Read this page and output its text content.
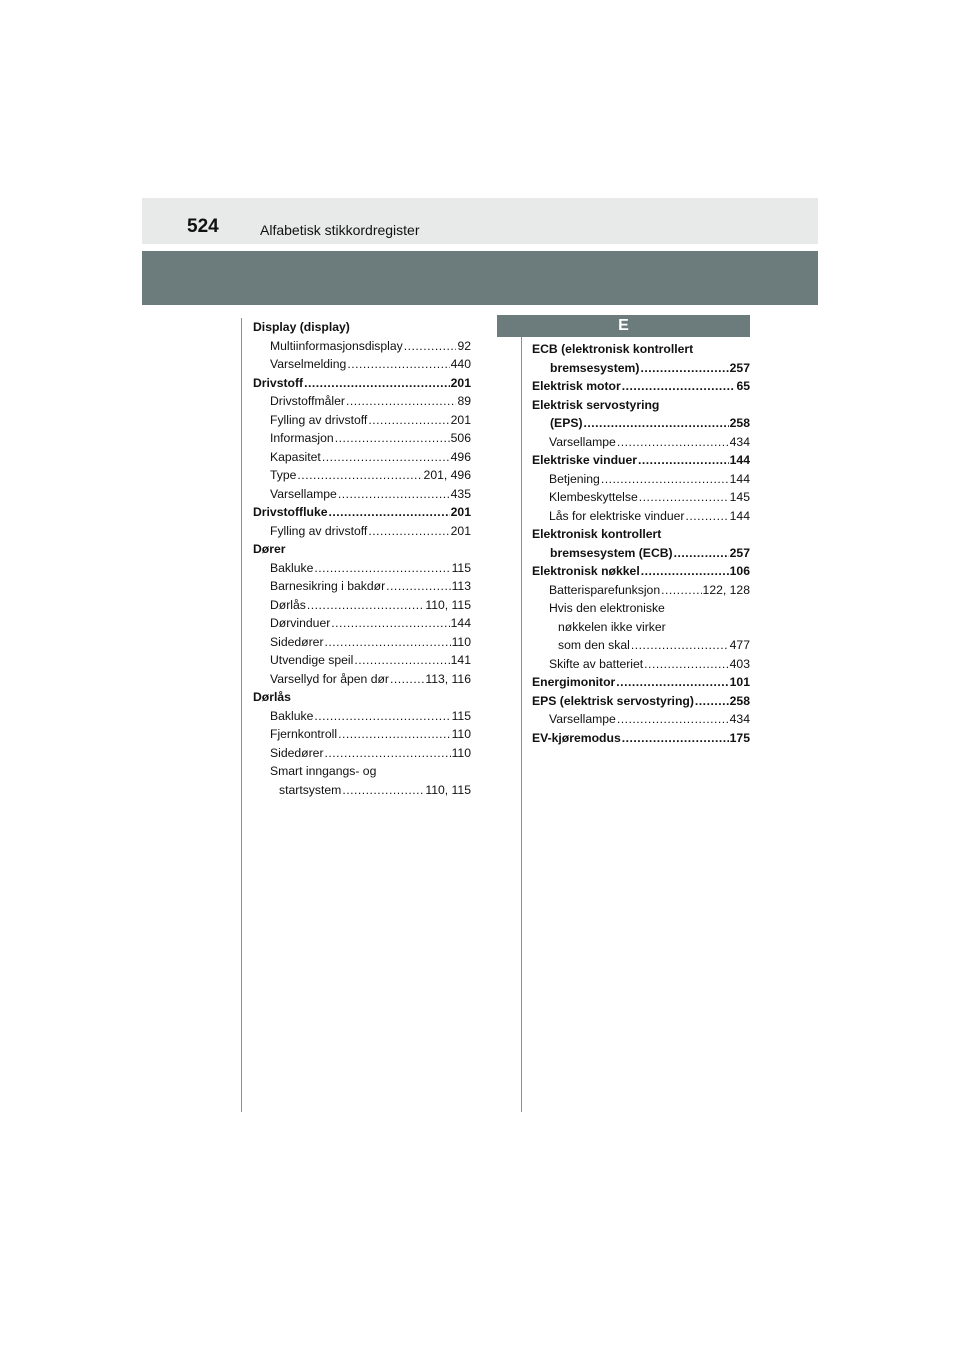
524	Alfabetisk stikkordregister
E
Display (display)
Multiinformasjonsdisplay .....	92
Varselmelding .....	440
Drivstoff .....	201
Drivstoffmåler .....	89
Fylling av drivstoff .....	201
Informasjon .....	506
Kapasitet .....	496
Type .....	201, 496
Varsellampe .....	435
Drivstoffluke .....	201
Fylling av drivstoff .....	201
Dører
Bakluke .....	115
Barnesikring i bakdør .....	113
Dørlås .....	110, 115
Dørvinduer .....	144
Sidedører .....	110
Utvendige speil .....	141
Varsellyd for åpen dør .....	113, 116
Dørlås
Bakluke .....	115
Fjernkontroll .....	110
Sidedører .....	110
Smart inngangs- og
startsystem .....	110, 115
ECB (elektronisk kontrollert
bremsesystem) .....	257
Elektrisk motor .....	65
Elektrisk servostyring
(EPS) .....	258
Varsellampe .....	434
Elektriske vinduer .....	144
Betjening .....	144
Klembeskyttelse .....	145
Lås for elektriske vinduer .....	144
Elektronisk kontrollert
bremsesystem (ECB) .....	257
Elektronisk nøkkel .....	106
Batterisparefunksjon .....	122, 128
Hvis den elektroniske
nøkkelen ikke virker
som den skal .....	477
Skifte av batteriet .....	403
Energimonitor .....	101
EPS (elektrisk servostyring) .....	258
Varsellampe .....	434
EV-kjøremodus .....	175
